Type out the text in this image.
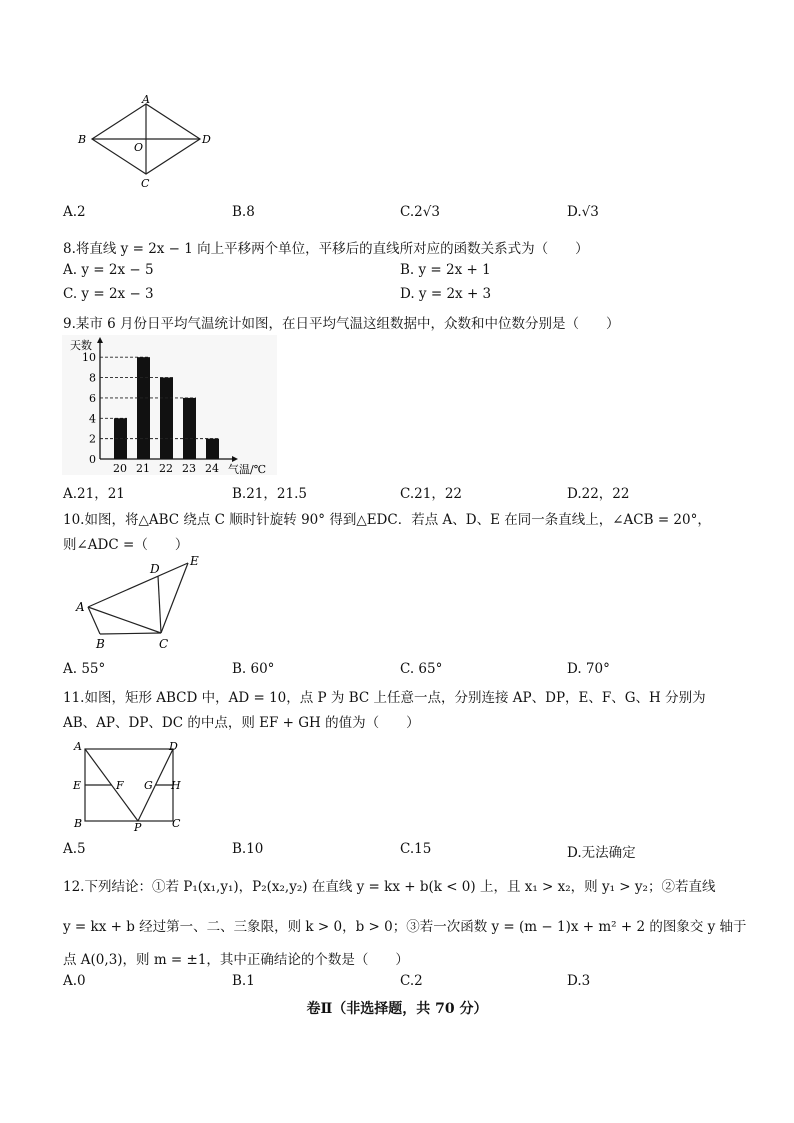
A
B
C
D
O
A.2	B.8	C.2√3	D.√3
8.将直线 y = 2x − 1 向上平移两个单位，平移后的直线所对应的函数关系式为（　　）
A. y = 2x − 5	B. y = 2x + 1
C. y = 2x − 3	D. y = 2x + 3
9.某市 6 月份日平均气温统计如图，在日平均气温这组数据中，众数和中位数分别是（　　）
0
2
4
6
8
10
20 21 22 23 24
天数
气温/℃
A.21，21	B.21，21.5	C.21，22	D.22，22
10.如图，将△ABC 绕点 C 顺时针旋转 90° 得到△EDC．若点 A、D、E 在同一条直线上，∠ACB = 20°，
则∠ADC =（　　）
A
B	C
D
E
A. 55°	B. 60°	C. 65°	D. 70°
11.如图，矩形 ABCD 中，AD = 10，点 P 为 BC 上任意一点，分别连接 AP、DP，E、F、G、H 分别为
AB、AP、DP、DC 的中点，则 EF + GH 的值为（　　）
A	D
E	F G H
B	P	C
A.5	B.10	C.15	D.无法确定
12.下列结论：①若 P₁(x₁,y₁)，P₂(x₂,y₂) 在直线 y = kx + b(k < 0) 上，且 x₁ > x₂，则 y₁ > y₂；②若直线
y = kx + b 经过第一、二、三象限，则 k > 0，b > 0；③若一次函数 y = (m − 1)x + m² + 2 的图象交 y 轴于
点 A(0,3)，则 m = ±1，其中正确结论的个数是（　　）
A.0	B.1	C.2	D.3
卷Ⅱ（非选择题，共 70 分）
